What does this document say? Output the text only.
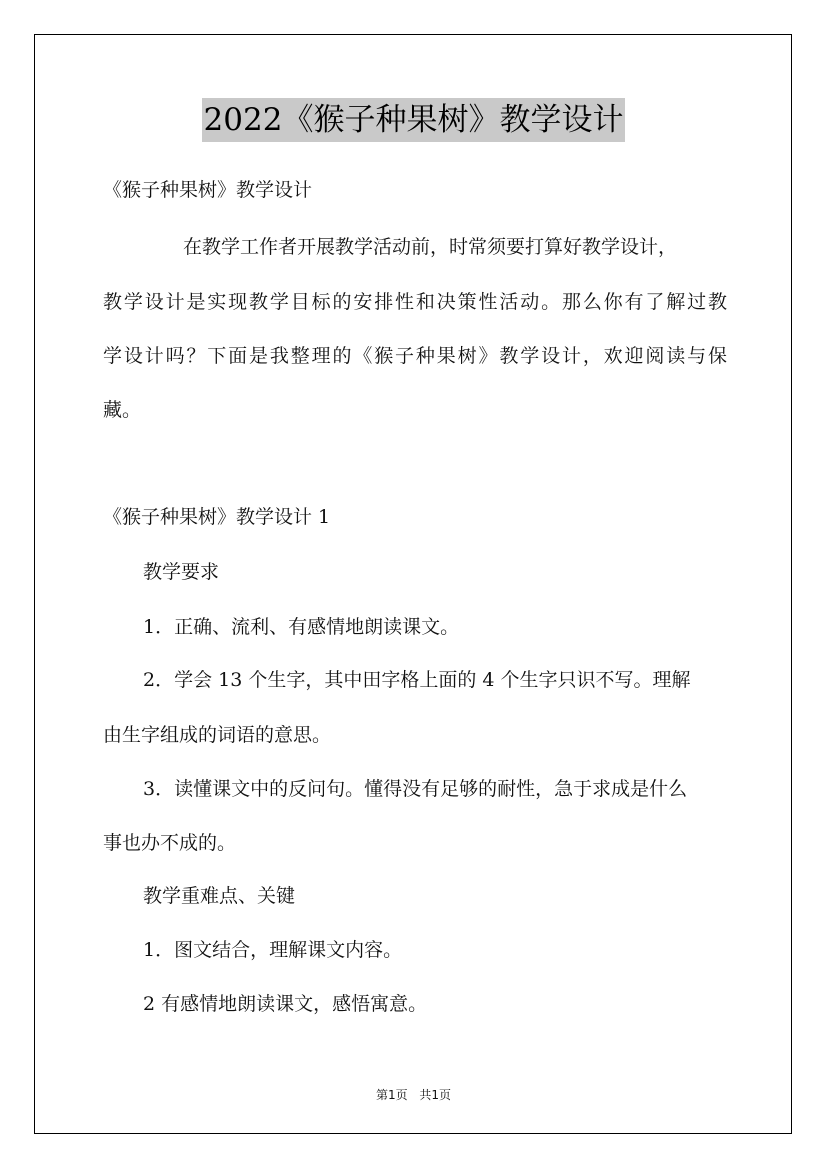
2022《猴子种果树》教学设计
《猴子种果树》教学设计
在教学工作者开展教学活动前，时常须要打算好教学设计，
教学设计是实现教学目标的安排性和决策性活动。那么你有了解过教
学设计吗？下面是我整理的《猴子种果树》教学设计，欢迎阅读与保
藏。
《猴子种果树》教学设计 1
教学要求
1．正确、流利、有感情地朗读课文。
2．学会 13 个生字，其中田字格上面的 4 个生字只识不写。理解
由生字组成的词语的意思。
3．读懂课文中的反问句。懂得没有足够的耐性，急于求成是什么
事也办不成的。
教学重难点、关键
1．图文结合，理解课文内容。
2 有感情地朗读课文，感悟寓意。
第1页 共1页
